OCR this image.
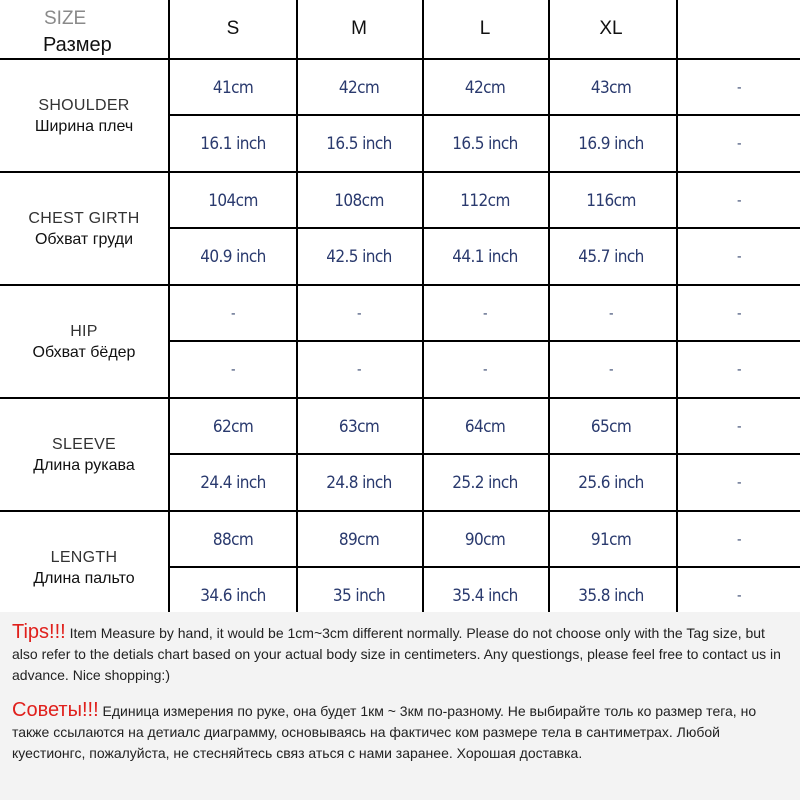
SIZE
Размер
S	M	L	XL
SHOULDER
Ширина плеч
41cm	42cm	42cm	43cm	-
16.1 inch	16.5 inch	16.5 inch	16.9 inch	-
CHEST GIRTH
Обхват груди
104cm	108cm	112cm	116cm	-
40.9 inch	42.5 inch	44.1 inch	45.7 inch	-
HIP
Обхват бёдер
-	-	-	-	-
-	-	-	-	-
SLEEVE
Длина рукава
62cm	63cm	64cm	65cm	-
24.4 inch	24.8 inch	25.2 inch	25.6 inch	-
LENGTH
Длина пальто
88cm	89cm	90cm	91cm	-
34.6 inch	35 inch	35.4 inch	35.8 inch	-
Tips!!! Item Measure by hand, it would be 1cm~3cm different normally. Please do not choose only with the Tag size, but also refer to the detials chart based on your actual body size in centimeters. Any questiongs, please feel free to contact us in advance. Nice shopping:)
Советы!!! Единица измерения по руке, она будет 1км ~ 3км по-разному. Не выбирайте толь ко размер тега, но также ссылаются на детиалс диаграмму, основываясь на фактичес ком размере тела в сантиметрах. Любой куестионгс, пожалуйста, не стесняйтесь связ аться с нами заранее. Хорошая доставка.
